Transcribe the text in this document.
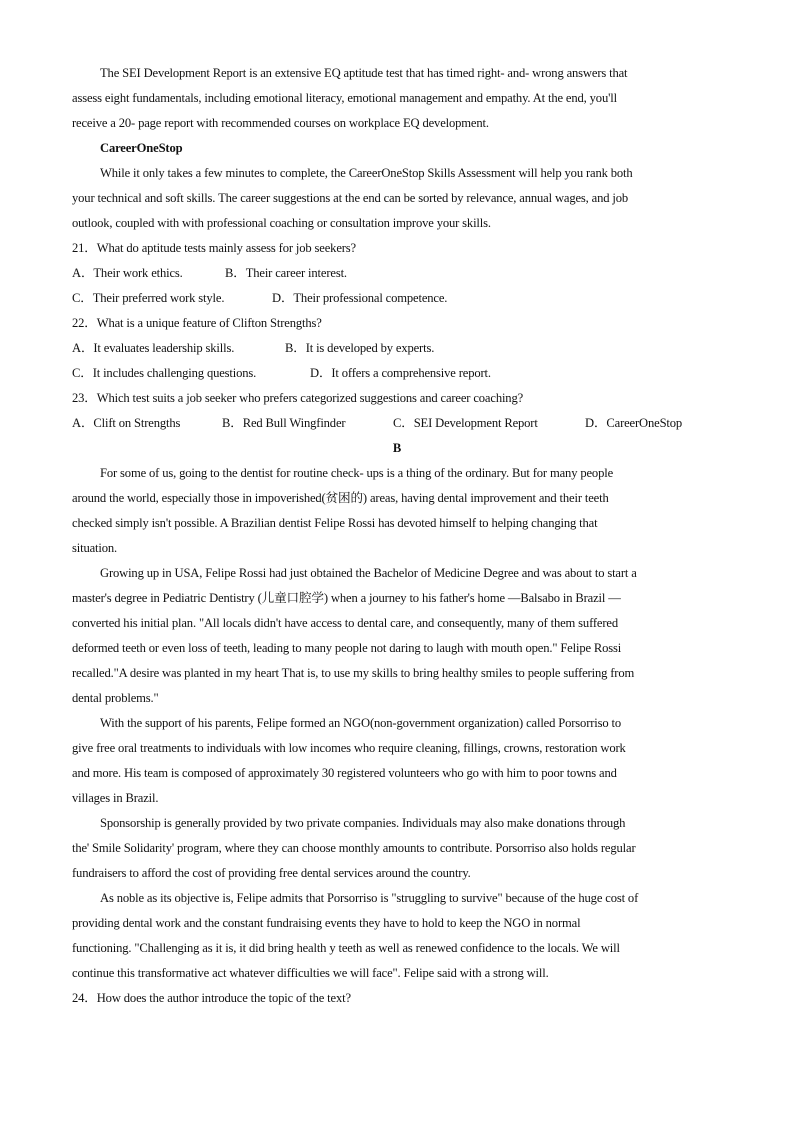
The SEI Development Report is an extensive EQ aptitude test that has timed right- and- wrong answers that
assess eight fundamentals, including emotional literacy, emotional management and empathy. At the end, you'll
receive a 20- page report with recommended courses on workplace EQ development.
CareerOneStop
While it only takes a few minutes to complete, the CareerOneStop Skills Assessment will help you rank both
your technical and soft skills. The career suggestions at the end can be sorted by relevance, annual wages, and job
outlook, coupled with with professional coaching or consultation improve your skills.
21．What do aptitude tests mainly assess for job seekers?
A．Their work ethics.	B．Their career interest.
C．Their preferred work style.	D．Their professional competence.
22．What is a unique feature of Clifton Strengths?
A．It evaluates leadership skills.	B．It is developed by experts.
C．It includes challenging questions.	D．It offers a comprehensive report.
23．Which test suits a job seeker who prefers categorized suggestions and career coaching?
A．Clift on Strengths	B．Red Bull Wingfinder	C．SEI Development Report	D．CareerOneStop
B
For some of us, going to the dentist for routine check- ups is a thing of the ordinary. But for many people
around the world, especially those in impoverished(贫困的) areas, having dental improvement and their teeth
checked simply isn't possible. A Brazilian dentist Felipe Rossi has devoted himself to helping changing that
situation.
Growing up in USA, Felipe Rossi had just obtained the Bachelor of Medicine Degree and was about to start a
master's degree in Pediatric Dentistry (儿童口腔学) when a journey to his father's home —Balsabo in Brazil —
converted his initial plan. "All locals didn't have access to dental care, and consequently, many of them suffered
deformed teeth or even loss of teeth, leading to many people not daring to laugh with mouth open." Felipe Rossi
recalled."A desire was planted in my heart That is, to use my skills to bring healthy smiles to people suffering from
dental problems."
With the support of his parents, Felipe formed an NGO(non-government organization) called Porsorriso to
give free oral treatments to individuals with low incomes who require cleaning, fillings, crowns, restoration work
and more. His team is composed of approximately 30 registered volunteers who go with him to poor towns and
villages in Brazil.
Sponsorship is generally provided by two private companies. Individuals may also make donations through
the' Smile Solidarity' program, where they can choose monthly amounts to contribute. Porsorriso also holds regular
fundraisers to afford the cost of providing free dental services around the country.
As noble as its objective is, Felipe admits that Porsorriso is "struggling to survive" because of the huge cost of
providing dental work and the constant fundraising events they have to hold to keep the NGO in normal
functioning. "Challenging as it is, it did bring health y teeth as well as renewed confidence to the locals. We will
continue this transformative act whatever difficulties we will face". Felipe said with a strong will.
24．How does the author introduce the topic of the text?
